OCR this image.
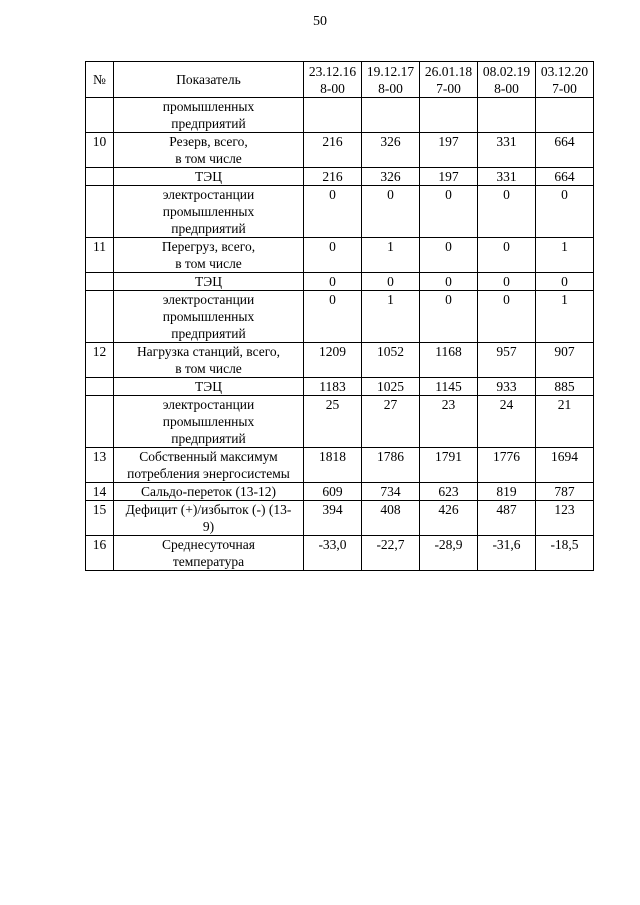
50
№	Показатель	23.12.16 8-00	19.12.17 8-00	26.01.18 7-00	08.02.19 8-00	03.12.20 7-00
	промышленных
предприятий					
10	Резерв, всего,
в том числе	216	326	197	331	664
	ТЭЦ	216	326	197	331	664
	электростанции
промышленных
предприятий	0	0	0	0	0
11	Перегруз, всего,
в том числе	0	1	0	0	1
	ТЭЦ	0	0	0	0	0
	электростанции
промышленных
предприятий	0	1	0	0	1
12	Нагрузка станций, всего,
в том числе	1209	1052	1168	957	907
	ТЭЦ	1183	1025	1145	933	885
	электростанции
промышленных
предприятий	25	27	23	24	21
13	Собственный максимум
потребления энергосистемы	1818	1786	1791	1776	1694
14	Сальдо-переток (13-12)	609	734	623	819	787
15	Дефицит (+)/избыток (-) (13-
9)	394	408	426	487	123
16	Среднесуточная
температура	-33,0	-22,7	-28,9	-31,6	-18,5
